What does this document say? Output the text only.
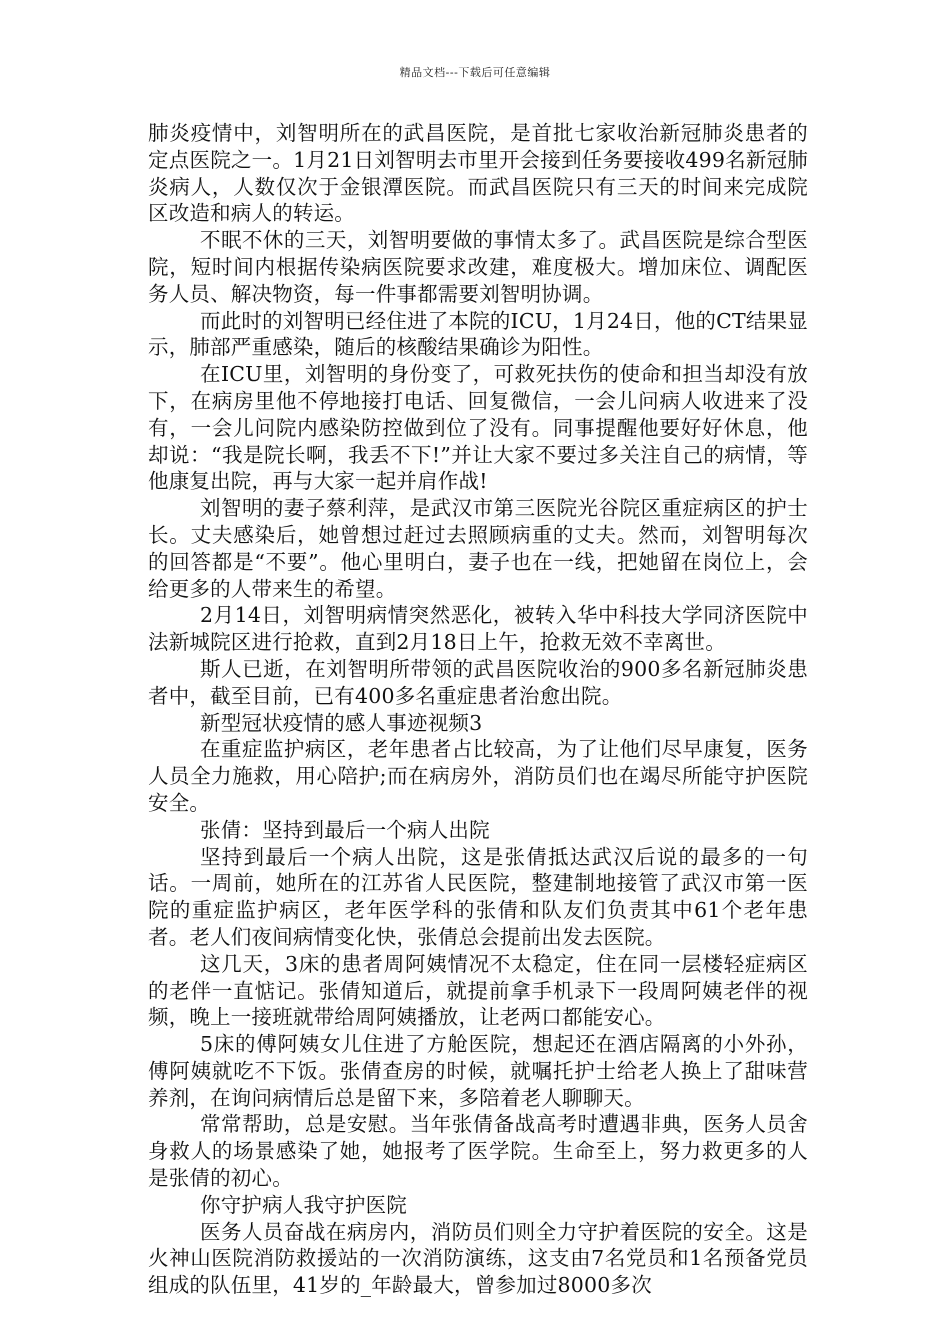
精品文档---下载后可任意编辑

肺炎疫情中，刘智明所在的武昌医院，是首批七家收治新冠肺炎患者的定点医院之一。1月21日刘智明去市里开会接到任务要接收499名新冠肺炎病人，人数仅次于金银潭医院。而武昌医院只有三天的时间来完成院区改造和病人的转运。

不眠不休的三天，刘智明要做的事情太多了。武昌医院是综合型医院，短时间内根据传染病医院要求改建，难度极大。增加床位、调配医务人员、解决物资，每一件事都需要刘智明协调。

而此时的刘智明已经住进了本院的ICU，1月24日，他的CT结果显示，肺部严重感染，随后的核酸结果确诊为阳性。

在ICU里，刘智明的身份变了，可救死扶伤的使命和担当却没有放下，在病房里他不停地接打电话、回复微信，一会儿问病人收进来了没有，一会儿问院内感染防控做到位了没有。同事提醒他要好好休息，他却说：“我是院长啊，我丢不下!”并让大家不要过多关注自己的病情，等他康复出院，再与大家一起并肩作战!

刘智明的妻子蔡利萍，是武汉市第三医院光谷院区重症病区的护士长。丈夫感染后，她曾想过赶过去照顾病重的丈夫。然而，刘智明每次的回答都是“不要”。他心里明白，妻子也在一线，把她留在岗位上，会给更多的人带来生的希望。

2月14日，刘智明病情突然恶化，被转入华中科技大学同济医院中法新城院区进行抢救，直到2月18日上午，抢救无效不幸离世。

斯人已逝，在刘智明所带领的武昌医院收治的900多名新冠肺炎患者中，截至目前，已有400多名重症患者治愈出院。

新型冠状疫情的感人事迹视频3

在重症监护病区，老年患者占比较高，为了让他们尽早康复，医务人员全力施救，用心陪护;而在病房外，消防员们也在竭尽所能守护医院安全。

张倩：坚持到最后一个病人出院

坚持到最后一个病人出院，这是张倩抵达武汉后说的最多的一句话。一周前，她所在的江苏省人民医院，整建制地接管了武汉市第一医院的重症监护病区，老年医学科的张倩和队友们负责其中61个老年患者。老人们夜间病情变化快，张倩总会提前出发去医院。

这几天，3床的患者周阿姨情况不太稳定，住在同一层楼轻症病区的老伴一直惦记。张倩知道后，就提前拿手机录下一段周阿姨老伴的视频，晚上一接班就带给周阿姨播放，让老两口都能安心。

5床的傅阿姨女儿住进了方舱医院，想起还在酒店隔离的小外孙，傅阿姨就吃不下饭。张倩查房的时候，就嘱托护士给老人换上了甜味营养剂，在询问病情后总是留下来，多陪着老人聊聊天。

常常帮助，总是安慰。当年张倩备战高考时遭遇非典，医务人员舍身救人的场景感染了她，她报考了医学院。生命至上，努力救更多的人是张倩的初心。

你守护病人我守护医院

医务人员奋战在病房内，消防员们则全力守护着医院的安全。这是火神山医院消防救援站的一次消防演练，这支由7名党员和1名预备党员组成的队伍里，41岁的_年龄最大，曾参加过8000多次
